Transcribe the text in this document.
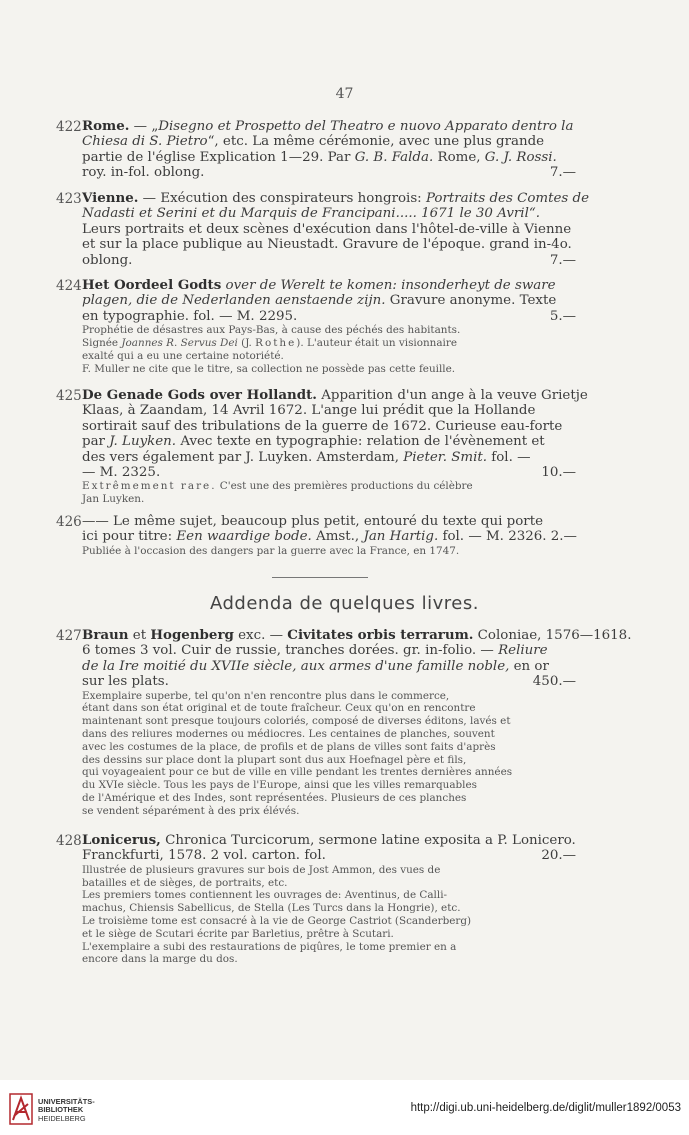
47
422 Rome. — „Disegno et Prospetto del Theatro e nuovo Apparato dentro la
Chiesa di S. Pietro“, etc. La même cérémonie, avec une plus grande
partie de l'église Explication 1—29. Par G. B. Falda. Rome, G. J. Rossi.
roy. in-fol. oblong.	7.—
423 Vienne. — Exécution des conspirateurs hongrois: Portraits des Comtes de
Nadasti et Serini et du Marquis de Francipani..... 1671 le 30 Avril“.
Leurs portraits et deux scènes d'exécution dans l'hôtel-de-ville à Vienne
et sur la place publique au Nieustadt. Gravure de l'époque. grand in-4o.
oblong.	7.—
424 Het Oordeel Godts over de Werelt te komen: insonderheyt de sware
plagen, die de Nederlanden aenstaende zijn. Gravure anonyme. Texte
en typographie. fol. — M. 2295.	5.—

Prophétie de désastres aux Pays-Bas, à cause des péchés des habitants.

Signée Joannes R. Servus Dei (J. Rothe). L'auteur était un visionnaire

exalté qui a eu une certaine notoriété.

F. Muller ne cite que le titre, sa collection ne possède pas cette feuille.

425 De Genade Gods over Hollandt. Apparition d'un ange à la veuve Grietje
Klaas, à Zaandam, 14 Avril 1672. L'ange lui prédit que la Hollande
sortirait sauf des tribulations de la guerre de 1672. Curieuse eau-forte
par J. Luyken. Avec texte en typographie: relation de l'évènement et
des vers également par J. Luyken. Amsterdam, Pieter. Smit. fol. —
— M. 2325.	10.—

Extrêmement rare. C'est une des premières productions du célèbre

Jan Luyken.

426 —— Le même sujet, beaucoup plus petit, entouré du texte qui porte
ici pour titre: Een waardige bode. Amst., Jan Hartig. fol. — M. 2326. 2.—

Publiée à l'occasion des dangers par la guerre avec la France, en 1747.

Addenda de quelques livres.
427 Braun et Hogenberg exc. — Civitates orbis terrarum. Coloniae, 1576—1618.
6 tomes 3 vol. Cuir de russie, tranches dorées. gr. in-folio. — Reliure
de la Ire moitié du XVIIe siècle, aux armes d'une famille noble, en or
sur les plats.	450.—

Exemplaire superbe, tel qu'on n'en rencontre plus dans le commerce,

étant dans son état original et de toute fraîcheur. Ceux qu'on en rencontre

maintenant sont presque toujours coloriés, composé de diverses éditons, lavés et

dans des reliures modernes ou médiocres. Les centaines de planches, souvent

avec les costumes de la place, de profils et de plans de villes sont faits d'après

des dessins sur place dont la plupart sont dus aux Hoefnagel père et fils,

qui voyageaient pour ce but de ville en ville pendant les trentes dernières années

du XVIe siècle. Tous les pays de l'Europe, ainsi que les villes remarquables

de l'Amérique et des Indes, sont représentées. Plusieurs de ces planches

se vendent séparément à des prix élévés.

428 Lonicerus, Chronica Turcicorum, sermone latine exposita a P. Lonicero.
Franckfurti, 1578. 2 vol. carton. fol.	20.—

Illustrée de plusieurs gravures sur bois de Jost Ammon, des vues de

batailles et de sièges, de portraits, etc.

Les premiers tomes contiennent les ouvrages de: Aventinus, de Calli-

machus, Chiensis Sabellicus, de Stella (Les Turcs dans la Hongrie), etc.

Le troisième tome est consacré à la vie de George Castriot (Scanderberg)

et le siège de Scutari écrite par Barletius, prêtre à Scutari.

L'exemplaire a subi des restaurations de piqûres, le tome premier en a

encore dans la marge du dos.

UNIVERSITÄTS-
BIBLIOTHEK
HEIDELBERG
http://digi.ub.uni-heidelberg.de/diglit/muller1892/0053
